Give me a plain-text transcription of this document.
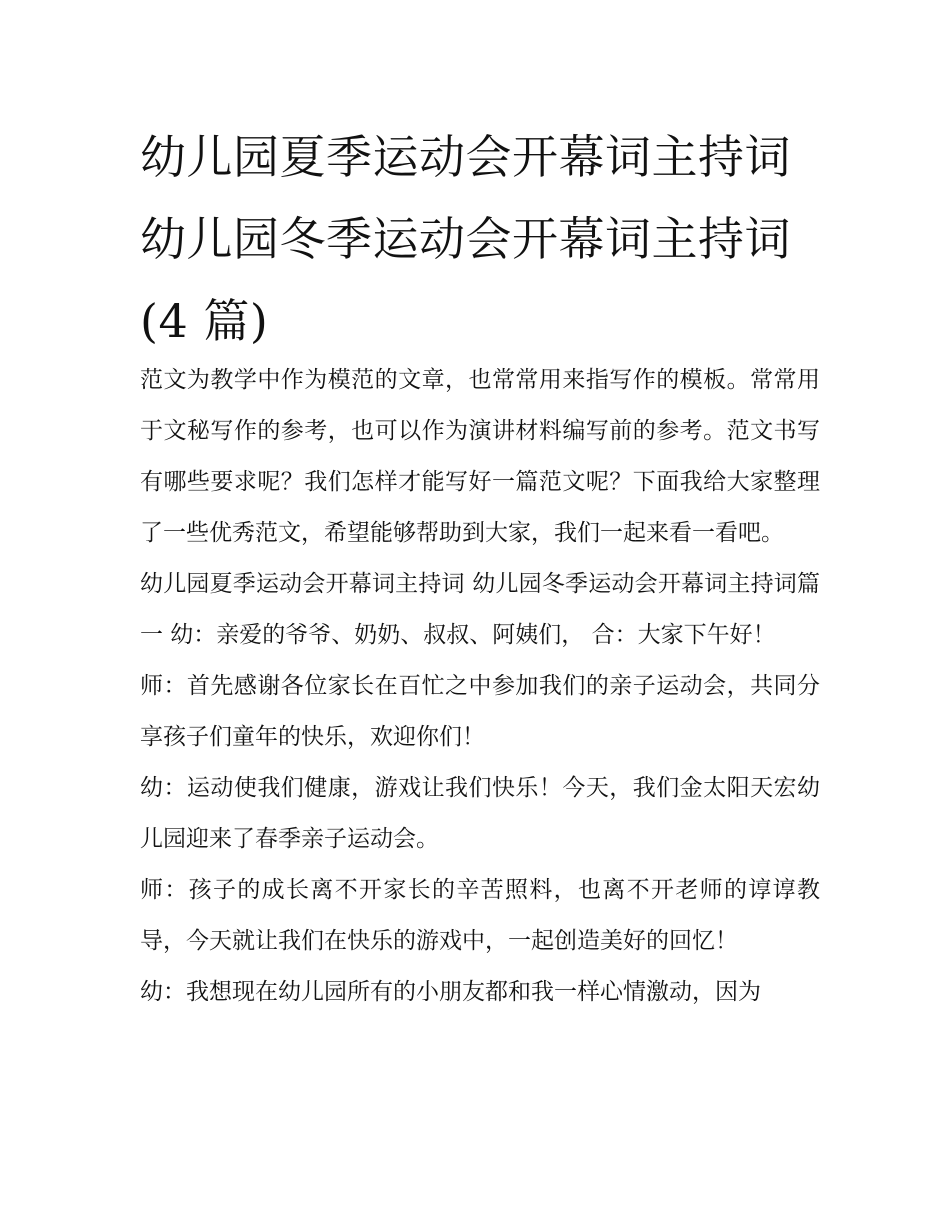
幼儿园夏季运动会开幕词主持词 幼儿园冬季运动会开幕词主持词(4 篇)

范文为教学中作为模范的文章，也常常用来指写作的模板。常常用于文秘写作的参考，也可以作为演讲材料编写前的参考。范文书写有哪些要求呢？我们怎样才能写好一篇范文呢？下面我给大家整理了一些优秀范文，希望能够帮助到大家，我们一起来看一看吧。

幼儿园夏季运动会开幕词主持词 幼儿园冬季运动会开幕词主持词篇一 幼：亲爱的爷爷、奶奶、叔叔、阿姨们， 合：大家下午好！

师：首先感谢各位家长在百忙之中参加我们的亲子运动会，共同分享孩子们童年的快乐，欢迎你们！

幼：运动使我们健康，游戏让我们快乐！今天，我们金太阳天宏幼儿园迎来了春季亲子运动会。

师：孩子的成长离不开家长的辛苦照料，也离不开老师的谆谆教导，今天就让我们在快乐的游戏中，一起创造美好的回忆！

幼：我想现在幼儿园所有的小朋友都和我一样心情激动，因为
